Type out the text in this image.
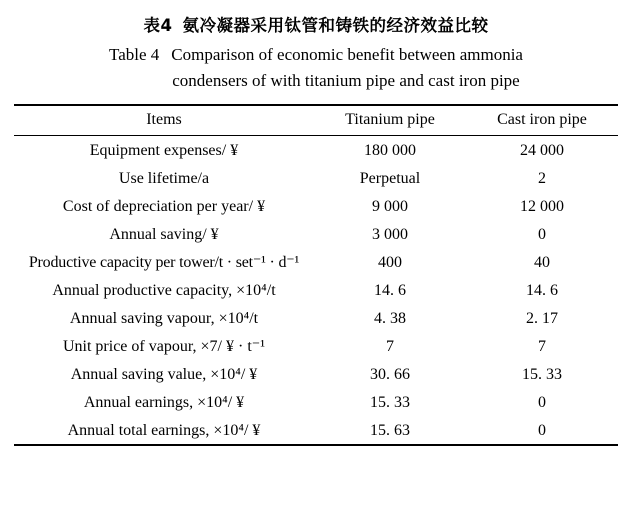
表4 氨冷凝器采用钛管和铸铁的经济效益比较
Table 4 Comparison of economic benefit between ammonia
condensers of with titanium pipe and cast iron pipe
Items	Titanium pipe	Cast iron pipe
Equipment expenses/ ¥	180 000	24 000
Use lifetime/a	Perpetual	2
Cost of depreciation per year/ ¥	9 000	12 000
Annual saving/ ¥	3 000	0
Productive capacity per tower/t · set⁻¹ · d⁻¹	400	40
Annual productive capacity, ×10⁴/t	14. 6	14. 6
Annual saving vapour, ×10⁴/t	4. 38	2. 17
Unit price of vapour, ×7/ ¥ · t⁻¹	7	7
Annual saving value, ×10⁴/ ¥	30. 66	15. 33
Annual earnings, ×10⁴/ ¥	15. 33	0
Annual total earnings, ×10⁴/ ¥	15. 63	0
